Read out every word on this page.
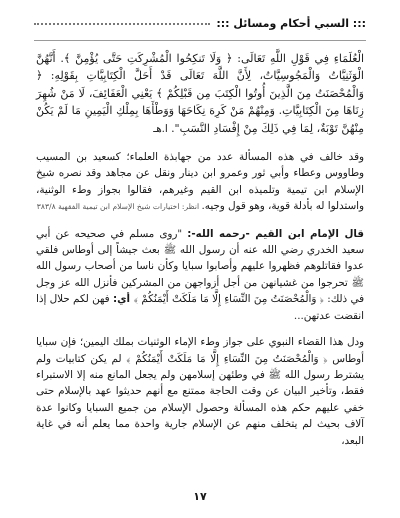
::: السبي أحكام ومسائل :::

الْعُلَمَاءِ فِي قَوْلِ اللَّهِ تَعَالَى: ﴿ وَلَا تَنكِحُوا الْمُشْرِكَتِ حَتَّى يُؤْمِنَّ ﴾. أَنَّهُنَّ الْوَثَنِيَّاتُ وَالْمَجُوسِيَّاتُ، لِأَنَّ اللَّهَ تَعَالَى قَدْ أَحَلَّ الْكِتَابِيَّاتِ بِقَوْلِهِ: ﴿ وَالْمُحْصَنَتُ مِنَ الَّذِينَ أُوتُوا الْكِتَبَ مِن قَبْلِكُمْ ﴾ يَعْنِي الْعَفَائِفَ، لَا مَنْ شُهِرَ زِنَاهَا مِنَ الْكِتَابِيَّاتِ. وَمِنْهُمْ مَنْ كَرِهَ نِكَاحَهَا وَوَطْأَهَا بِمِلْكِ الْيَمِينِ مَا لَمْ يَكُنْ مِنْهُنَّ تَوْبَةٌ، لِمَا فِي ذَلِكَ مِنْ إِفْسَادِ النَّسَبِ". ا.هـ

وقد خالف في هذه المسألة عدد من جهابذة العلماء؛ كسعيد بن المسيب وطاووس وعطاء وأبي ثور وعمرو ابن دينار ونقل عن مجاهد وقد نصره شيخ الإسلام ابن تيمية وتلميذه ابن القيم وغيرهم، فقالوا بجواز وطء الوثنية، واستدلوا له بأدلة قوية، وهو قول وجيه. انظر: اختيارات شيخ الإسلام ابن تيمية الفقهية ٣٨٣/٨

قال الإمام ابن القيم -رحمه الله-: "روى مسلم في صحيحه عن أبي سعيد الخدري رضي الله عنه أن رسول الله ﷺ بعث جيشاً إلى أوطاس فلقي عدوا فقاتلوهم فظهروا عليهم وأصابوا سبايا وكأن ناسا من أصحاب رسول الله ﷺ تحرجوا من غشيانهن من أجل أزواجهن من المشركين فأنزل الله عز وجل في ذلك: ﴿ وَالْمُحْصَنَتُ مِنَ النِّسَاءِ إِلَّا مَا مَلَكَتْ أَيْمَنُكُمْ ﴾ أي: فهن لكم حلال إذا انقضت عدتهن...

ودل هذا القضاء النبوي على جواز وطء الإماء الوثنيات بملك اليمين؛ فإن سبايا أوطاس ﴿ وَالْمُحْصَنَتُ مِنَ النِّسَاءِ إِلَّا مَا مَلَكَتْ أَيْمَنُكُمْ ﴾ لم يكن كتابيات ولم يشترط رسول الله ﷺ في وطئهن إسلامهن ولم يجعل المانع منه إلا الاستبراء فقط، وتأخير البيان عن وقت الحاجة ممتنع مع أنهم حديثوا عهد بالإسلام حتى خفي عليهم حكم هذه المسألة وحصول الإسلام من جميع السبايا وكانوا عدة آلاف بحيث لم يتخلف منهم عن الإسلام جارية واحدة مما يعلم أنه في غاية البعد،

١٧
